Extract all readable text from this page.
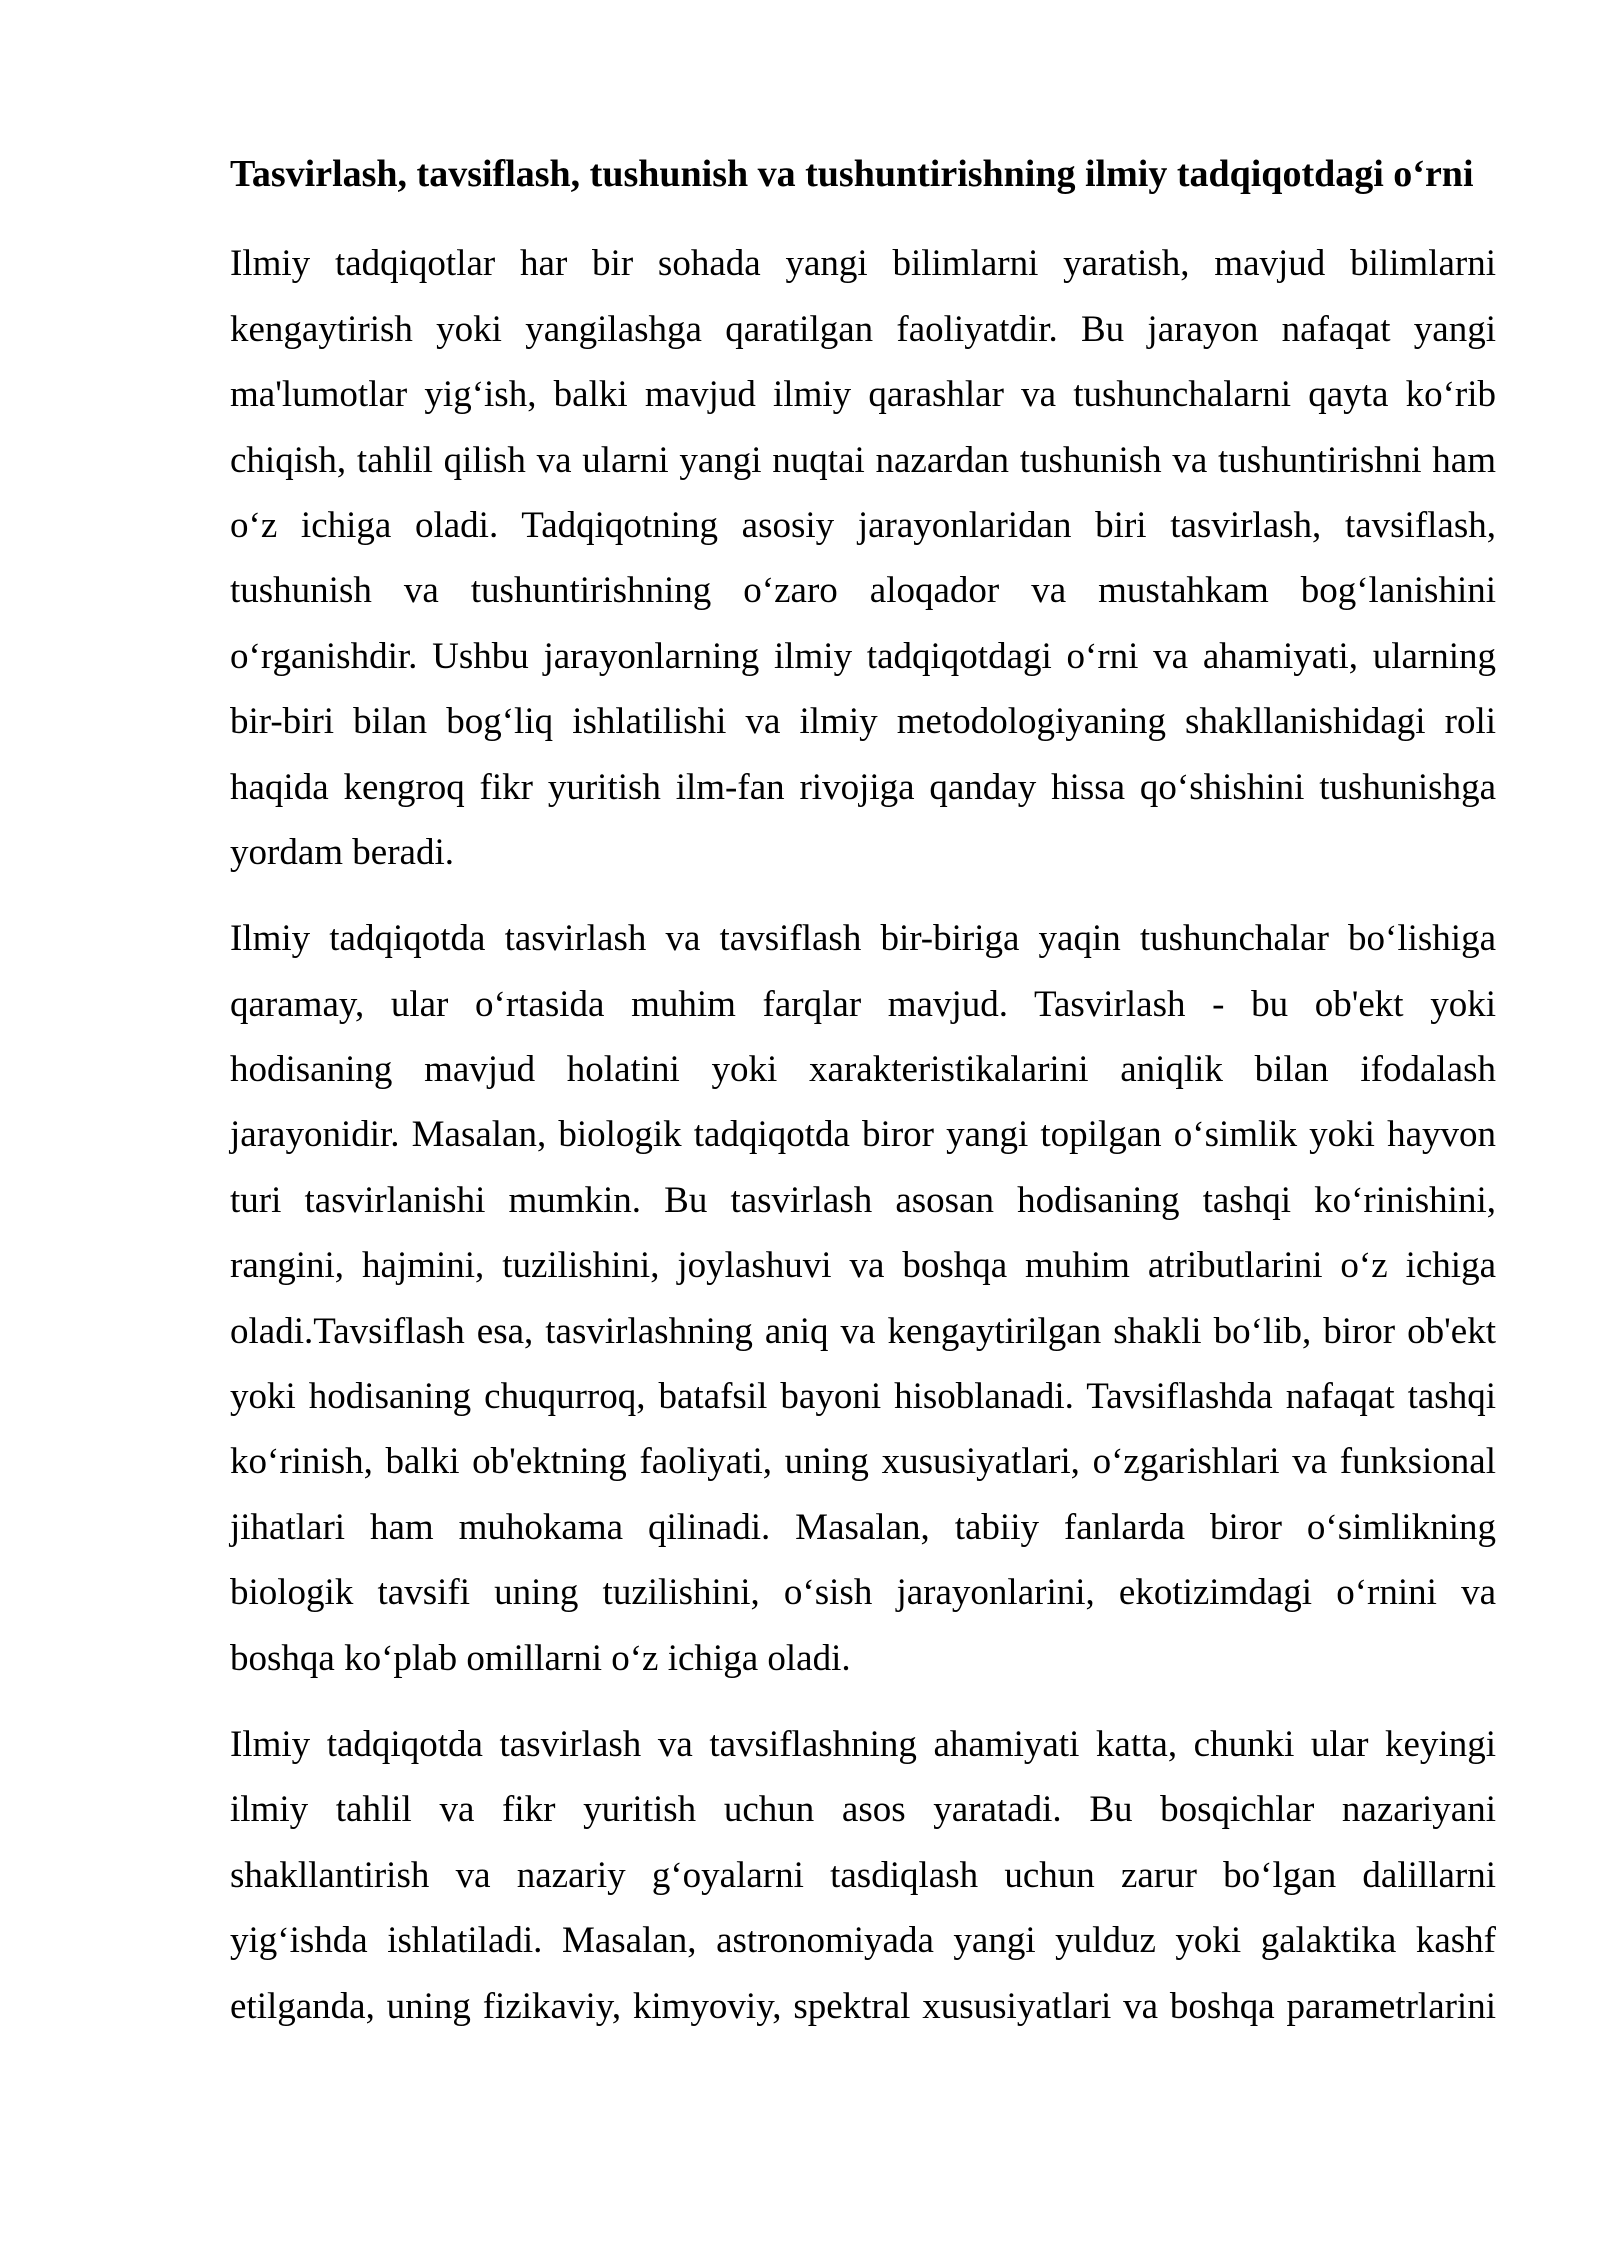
Tasvirlash, tavsiflash, tushunish va tushuntirishning ilmiy tadqiqotdagi o‘rni
Ilmiy tadqiqotlar har bir sohada yangi bilimlarni yaratish, mavjud bilimlarni
kengaytirish yoki yangilashga qaratilgan faoliyatdir. Bu jarayon nafaqat yangi
ma'lumotlar yig‘ish, balki mavjud ilmiy qarashlar va tushunchalarni qayta ko‘rib
chiqish, tahlil qilish va ularni yangi nuqtai nazardan tushunish va tushuntirishni ham
o‘z ichiga oladi. Tadqiqotning asosiy jarayonlaridan biri tasvirlash, tavsiflash,
tushunish va tushuntirishning o‘zaro aloqador va mustahkam bog‘lanishini
o‘rganishdir. Ushbu jarayonlarning ilmiy tadqiqotdagi o‘rni va ahamiyati, ularning
bir-biri bilan bog‘liq ishlatilishi va ilmiy metodologiyaning shakllanishidagi roli
haqida kengroq fikr yuritish ilm-fan rivojiga qanday hissa qo‘shishini tushunishga
yordam beradi.
Ilmiy tadqiqotda tasvirlash va tavsiflash bir-biriga yaqin tushunchalar bo‘lishiga
qaramay, ular o‘rtasida muhim farqlar mavjud. Tasvirlash - bu ob'ekt yoki
hodisaning mavjud holatini yoki xarakteristikalarini aniqlik bilan ifodalash
jarayonidir. Masalan, biologik tadqiqotda biror yangi topilgan o‘simlik yoki hayvon
turi tasvirlanishi mumkin. Bu tasvirlash asosan hodisaning tashqi ko‘rinishini,
rangini, hajmini, tuzilishini, joylashuvi va boshqa muhim atributlarini o‘z ichiga
oladi.Tavsiflash esa, tasvirlashning aniq va kengaytirilgan shakli bo‘lib, biror ob'ekt
yoki hodisaning chuqurroq, batafsil bayoni hisoblanadi. Tavsiflashda nafaqat tashqi
ko‘rinish, balki ob'ektning faoliyati, uning xususiyatlari, o‘zgarishlari va funksional
jihatlari ham muhokama qilinadi. Masalan, tabiiy fanlarda biror o‘simlikning
biologik tavsifi uning tuzilishini, o‘sish jarayonlarini, ekotizimdagi o‘rnini va
boshqa ko‘plab omillarni o‘z ichiga oladi.
Ilmiy tadqiqotda tasvirlash va tavsiflashning ahamiyati katta, chunki ular keyingi
ilmiy tahlil va fikr yuritish uchun asos yaratadi. Bu bosqichlar nazariyani
shakllantirish va nazariy g‘oyalarni tasdiqlash uchun zarur bo‘lgan dalillarni
yig‘ishda ishlatiladi. Masalan, astronomiyada yangi yulduz yoki galaktika kashf
etilganda, uning fizikaviy, kimyoviy, spektral xususiyatlari va boshqa parametrlarini
